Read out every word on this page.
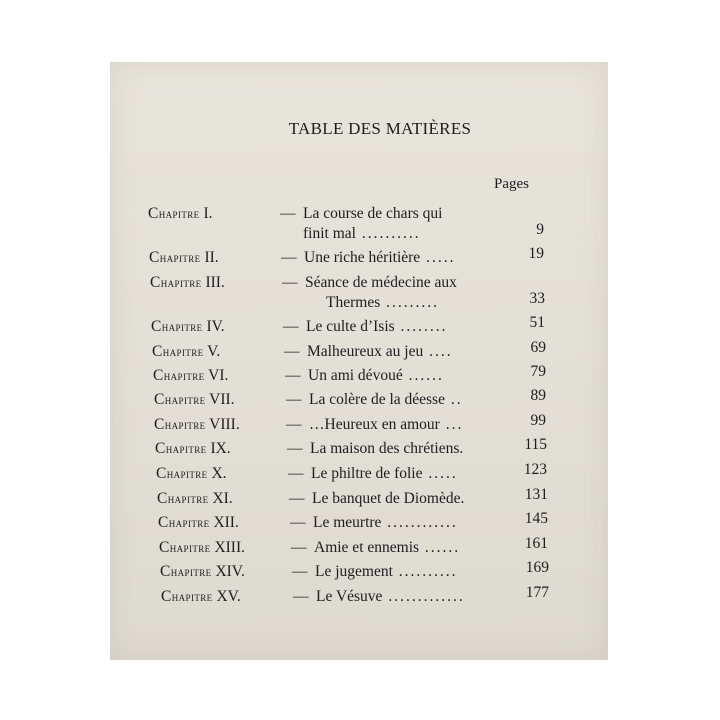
TABLE DES MATIÈRES
Pages
Chapitre I.	— La course de chars qui
finit mal ..........	9
Chapitre II.	— Une riche héritière .....	19
Chapitre III.	— Séance de médecine aux
Thermes .........	33
Chapitre IV.	— Le culte d’Isis ........	51
Chapitre V.	— Malheureux au jeu ....	69
Chapitre VI.	— Un ami dévoué ......	79
Chapitre VII.	— La colère de la déesse ..	89
Chapitre VIII.	— …Heureux en amour ...	99
Chapitre IX.	— La maison des chrétiens.	115
Chapitre X.	— Le philtre de folie .....	123
Chapitre XI.	— Le banquet de Diomède.	131
Chapitre XII.	— Le meurtre ............	145
Chapitre XIII.	— Amie et ennemis ......	161
Chapitre XIV.	— Le jugement ..........	169
Chapitre XV.	— Le Vésuve .............	177
